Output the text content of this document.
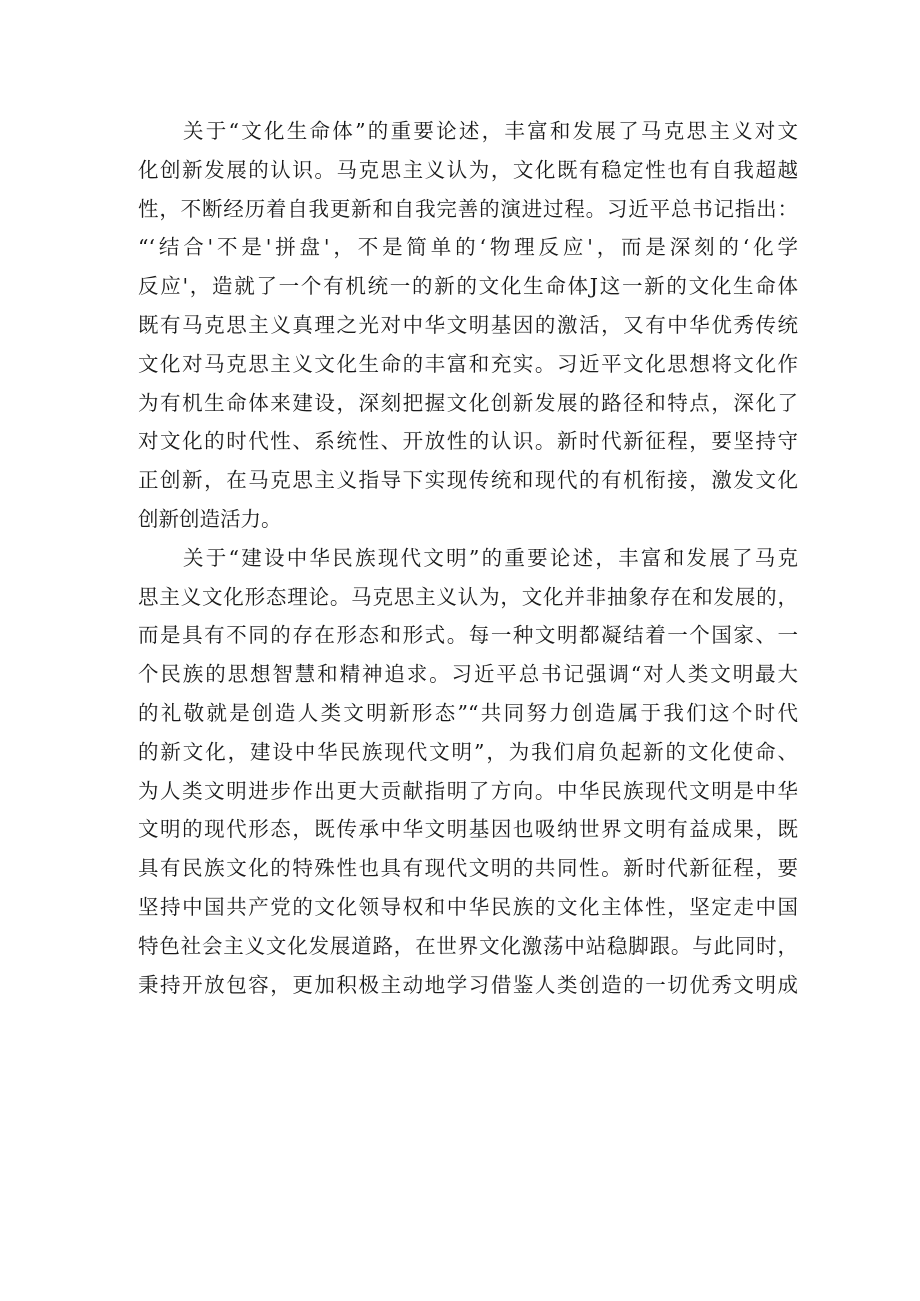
关于“文化生命体”的重要论述，丰富和发展了马克思主义对文
化创新发展的认识。马克思主义认为，文化既有稳定性也有自我超越
性，不断经历着自我更新和自我完善的演进过程。习近平总书记指出：
“‘结合'不是'拼盘'，不是简单的‘物理反应'，而是深刻的‘化学
反应'，造就了一个有机统一的新的文化生命体J这一新的文化生命体
既有马克思主义真理之光对中华文明基因的激活，又有中华优秀传统
文化对马克思主义文化生命的丰富和充实。习近平文化思想将文化作
为有机生命体来建设，深刻把握文化创新发展的路径和特点，深化了
对文化的时代性、系统性、开放性的认识。新时代新征程，要坚持守
正创新，在马克思主义指导下实现传统和现代的有机衔接，激发文化
创新创造活力。
关于“建设中华民族现代文明”的重要论述，丰富和发展了马克
思主义文化形态理论。马克思主义认为，文化并非抽象存在和发展的，
而是具有不同的存在形态和形式。每一种文明都凝结着一个国家、一
个民族的思想智慧和精神追求。习近平总书记强调“对人类文明最大
的礼敬就是创造人类文明新形态”“共同努力创造属于我们这个时代
的新文化，建设中华民族现代文明”，为我们肩负起新的文化使命、
为人类文明进步作出更大贡献指明了方向。中华民族现代文明是中华
文明的现代形态，既传承中华文明基因也吸纳世界文明有益成果，既
具有民族文化的特殊性也具有现代文明的共同性。新时代新征程，要
坚持中国共产党的文化领导权和中华民族的文化主体性，坚定走中国
特色社会主义文化发展道路，在世界文化激荡中站稳脚跟。与此同时，
秉持开放包容，更加积极主动地学习借鉴人类创造的一切优秀文明成
